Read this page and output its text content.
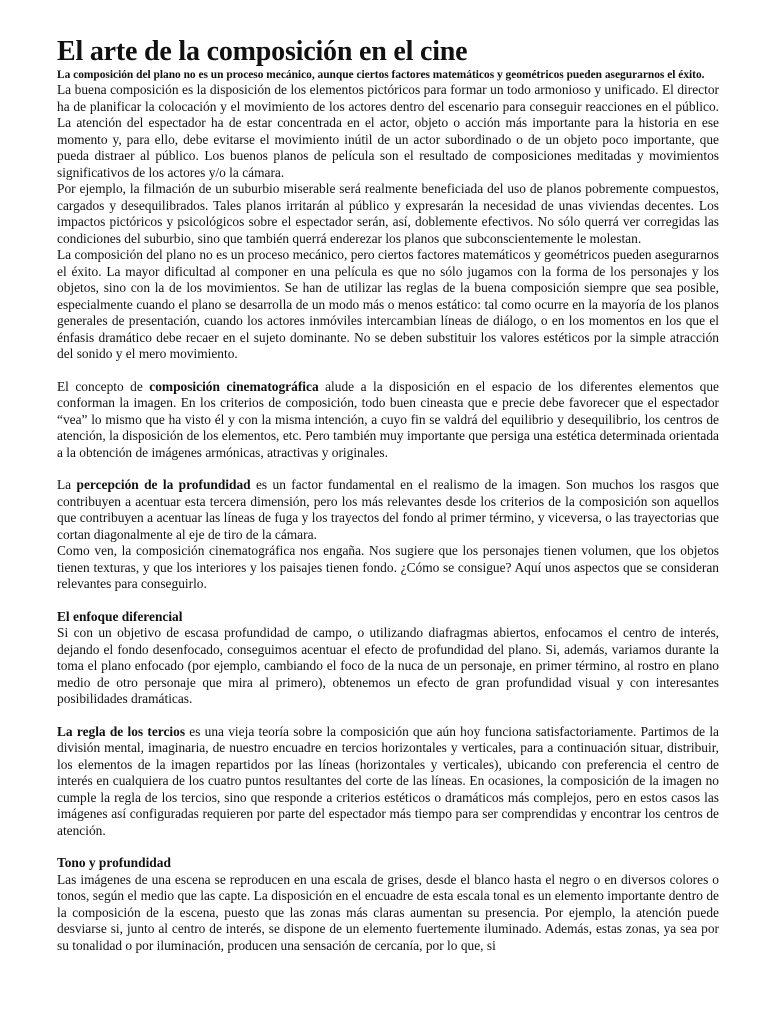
El arte de la composición en el cine
La composición del plano no es un proceso mecánico, aunque ciertos factores matemáticos y geométricos pueden asegurarnos el éxito.

La buena composición es la disposición de los elementos pictóricos para formar un todo armonioso y unificado. El director ha de planificar la colocación y el movimiento de los actores dentro del escenario para conseguir reacciones en el público. La atención del espectador ha de estar concentrada en el actor, objeto o acción más importante para la historia en ese momento y, para ello, debe evitarse el movimiento inútil de un actor subordinado o de un objeto poco importante, que pueda distraer al público. Los buenos planos de película son el resultado de composiciones meditadas y movimientos significativos de los actores y/o la cámara.

Por ejemplo, la filmación de un suburbio miserable será realmente beneficiada del uso de planos pobremente compuestos, cargados y desequilibrados. Tales planos irritarán al público y expresarán la necesidad de unas viviendas decentes. Los impactos pictóricos y psicológicos sobre el espectador serán, así, doblemente efectivos. No sólo querrá ver corregidas las condiciones del suburbio, sino que también querrá enderezar los planos que subconscientemente le molestan.

La composición del plano no es un proceso mecánico, pero ciertos factores matemáticos y geométricos pueden asegurarnos el éxito. La mayor dificultad al componer en una película es que no sólo jugamos con la forma de los personajes y los objetos, sino con la de los movimientos. Se han de utilizar las reglas de la buena composición siempre que sea posible, especialmente cuando el plano se desarrolla de un modo más o menos estático: tal como ocurre en la mayoría de los planos generales de presentación, cuando los actores inmóviles intercambian líneas de diálogo, o en los momentos en los que el énfasis dramático debe recaer en el sujeto dominante. No se deben substituir los valores estéticos por la simple atracción del sonido y el mero movimiento.

El concepto de composición cinematográfica alude a la disposición en el espacio de los diferentes elementos que conforman la imagen. En los criterios de composición, todo buen cineasta que e precie debe favorecer que el espectador “vea” lo mismo que ha visto él y con la misma intención, a cuyo fin se valdrá del equilibrio y desequilibrio, los centros de atención, la disposición de los elementos, etc. Pero también muy importante que persiga una estética determinada orientada a la obtención de imágenes armónicas, atractivas y originales.

La percepción de la profundidad es un factor fundamental en el realismo de la imagen. Son muchos los rasgos que contribuyen a acentuar esta tercera dimensión, pero los más relevantes desde los criterios de la composición son aquellos que contribuyen a acentuar las líneas de fuga y los trayectos del fondo al primer término, y viceversa, o las trayectorias que cortan diagonalmente al eje de tiro de la cámara.

Como ven, la composición cinematográfica nos engaña. Nos sugiere que los personajes tienen volumen, que los objetos tienen texturas, y que los interiores y los paisajes tienen fondo. ¿Cómo se consigue? Aquí unos aspectos que se consideran relevantes para conseguirlo.

El enfoque diferencial

Si con un objetivo de escasa profundidad de campo, o utilizando diafragmas abiertos, enfocamos el centro de interés, dejando el fondo desenfocado, conseguimos acentuar el efecto de profundidad del plano. Si, además, variamos durante la toma el plano enfocado (por ejemplo, cambiando el foco de la nuca de un personaje, en primer término, al rostro en plano medio de otro personaje que mira al primero), obtenemos un efecto de gran profundidad visual y con interesantes posibilidades dramáticas.

La regla de los tercios es una vieja teoría sobre la composición que aún hoy funciona satisfactoriamente. Partimos de la división mental, imaginaria, de nuestro encuadre en tercios horizontales y verticales, para a continuación situar, distribuir, los elementos de la imagen repartidos por las líneas (horizontales y verticales), ubicando con preferencia el centro de interés en cualquiera de los cuatro puntos resultantes del corte de las líneas. En ocasiones, la composición de la imagen no cumple la regla de los tercios, sino que responde a criterios estéticos o dramáticos más complejos, pero en estos casos las imágenes así configuradas requieren por parte del espectador más tiempo para ser comprendidas y encontrar los centros de atención.

Tono y profundidad

Las imágenes de una escena se reproducen en una escala de grises, desde el blanco hasta el negro o en diversos colores o tonos, según el medio que las capte. La disposición en el encuadre de esta escala tonal es un elemento importante dentro de la composición de la escena, puesto que las zonas más claras aumentan su presencia. Por ejemplo, la atención puede desviarse si, junto al centro de interés, se dispone de un elemento fuertemente iluminado. Además, estas zonas, ya sea por su tonalidad o por iluminación, producen una sensación de cercanía, por lo que, si
